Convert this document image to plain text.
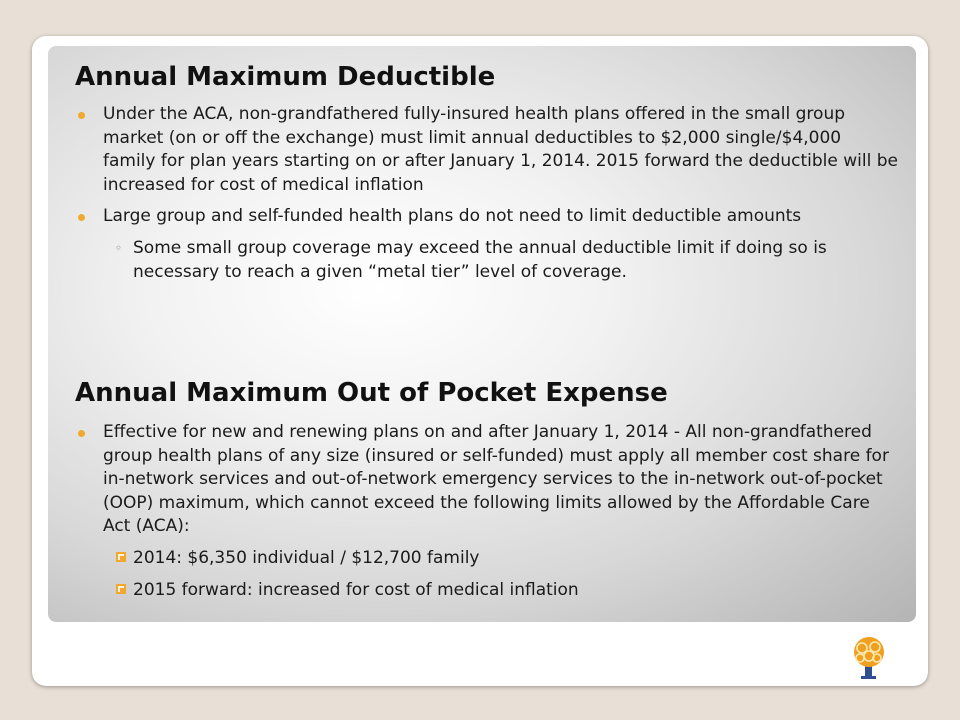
Annual Maximum Deductible
Under the ACA, non-grandfathered fully-insured health plans offered in the small group market (on or off the exchange) must limit annual deductibles to $2,000 single/$4,000 family for plan years starting on or after January 1, 2014. 2015 forward the deductible will be increased for cost of medical inflation
Large group and self-funded health plans do not need to limit deductible amounts
◦ Some small group coverage may exceed the annual deductible limit if doing so is necessary to reach a given “metal tier” level of coverage.
Annual Maximum Out of Pocket Expense
Effective for new and renewing plans on and after January 1, 2014 - All non-grandfathered group health plans of any size (insured or self-funded) must apply all member cost share for in-network services and out-of-network emergency services to the in-network out-of-pocket (OOP) maximum, which cannot exceed the following limits allowed by the Affordable Care Act (ACA):
2014: $6,350 individual / $12,700 family
2015 forward: increased for cost of medical inflation
